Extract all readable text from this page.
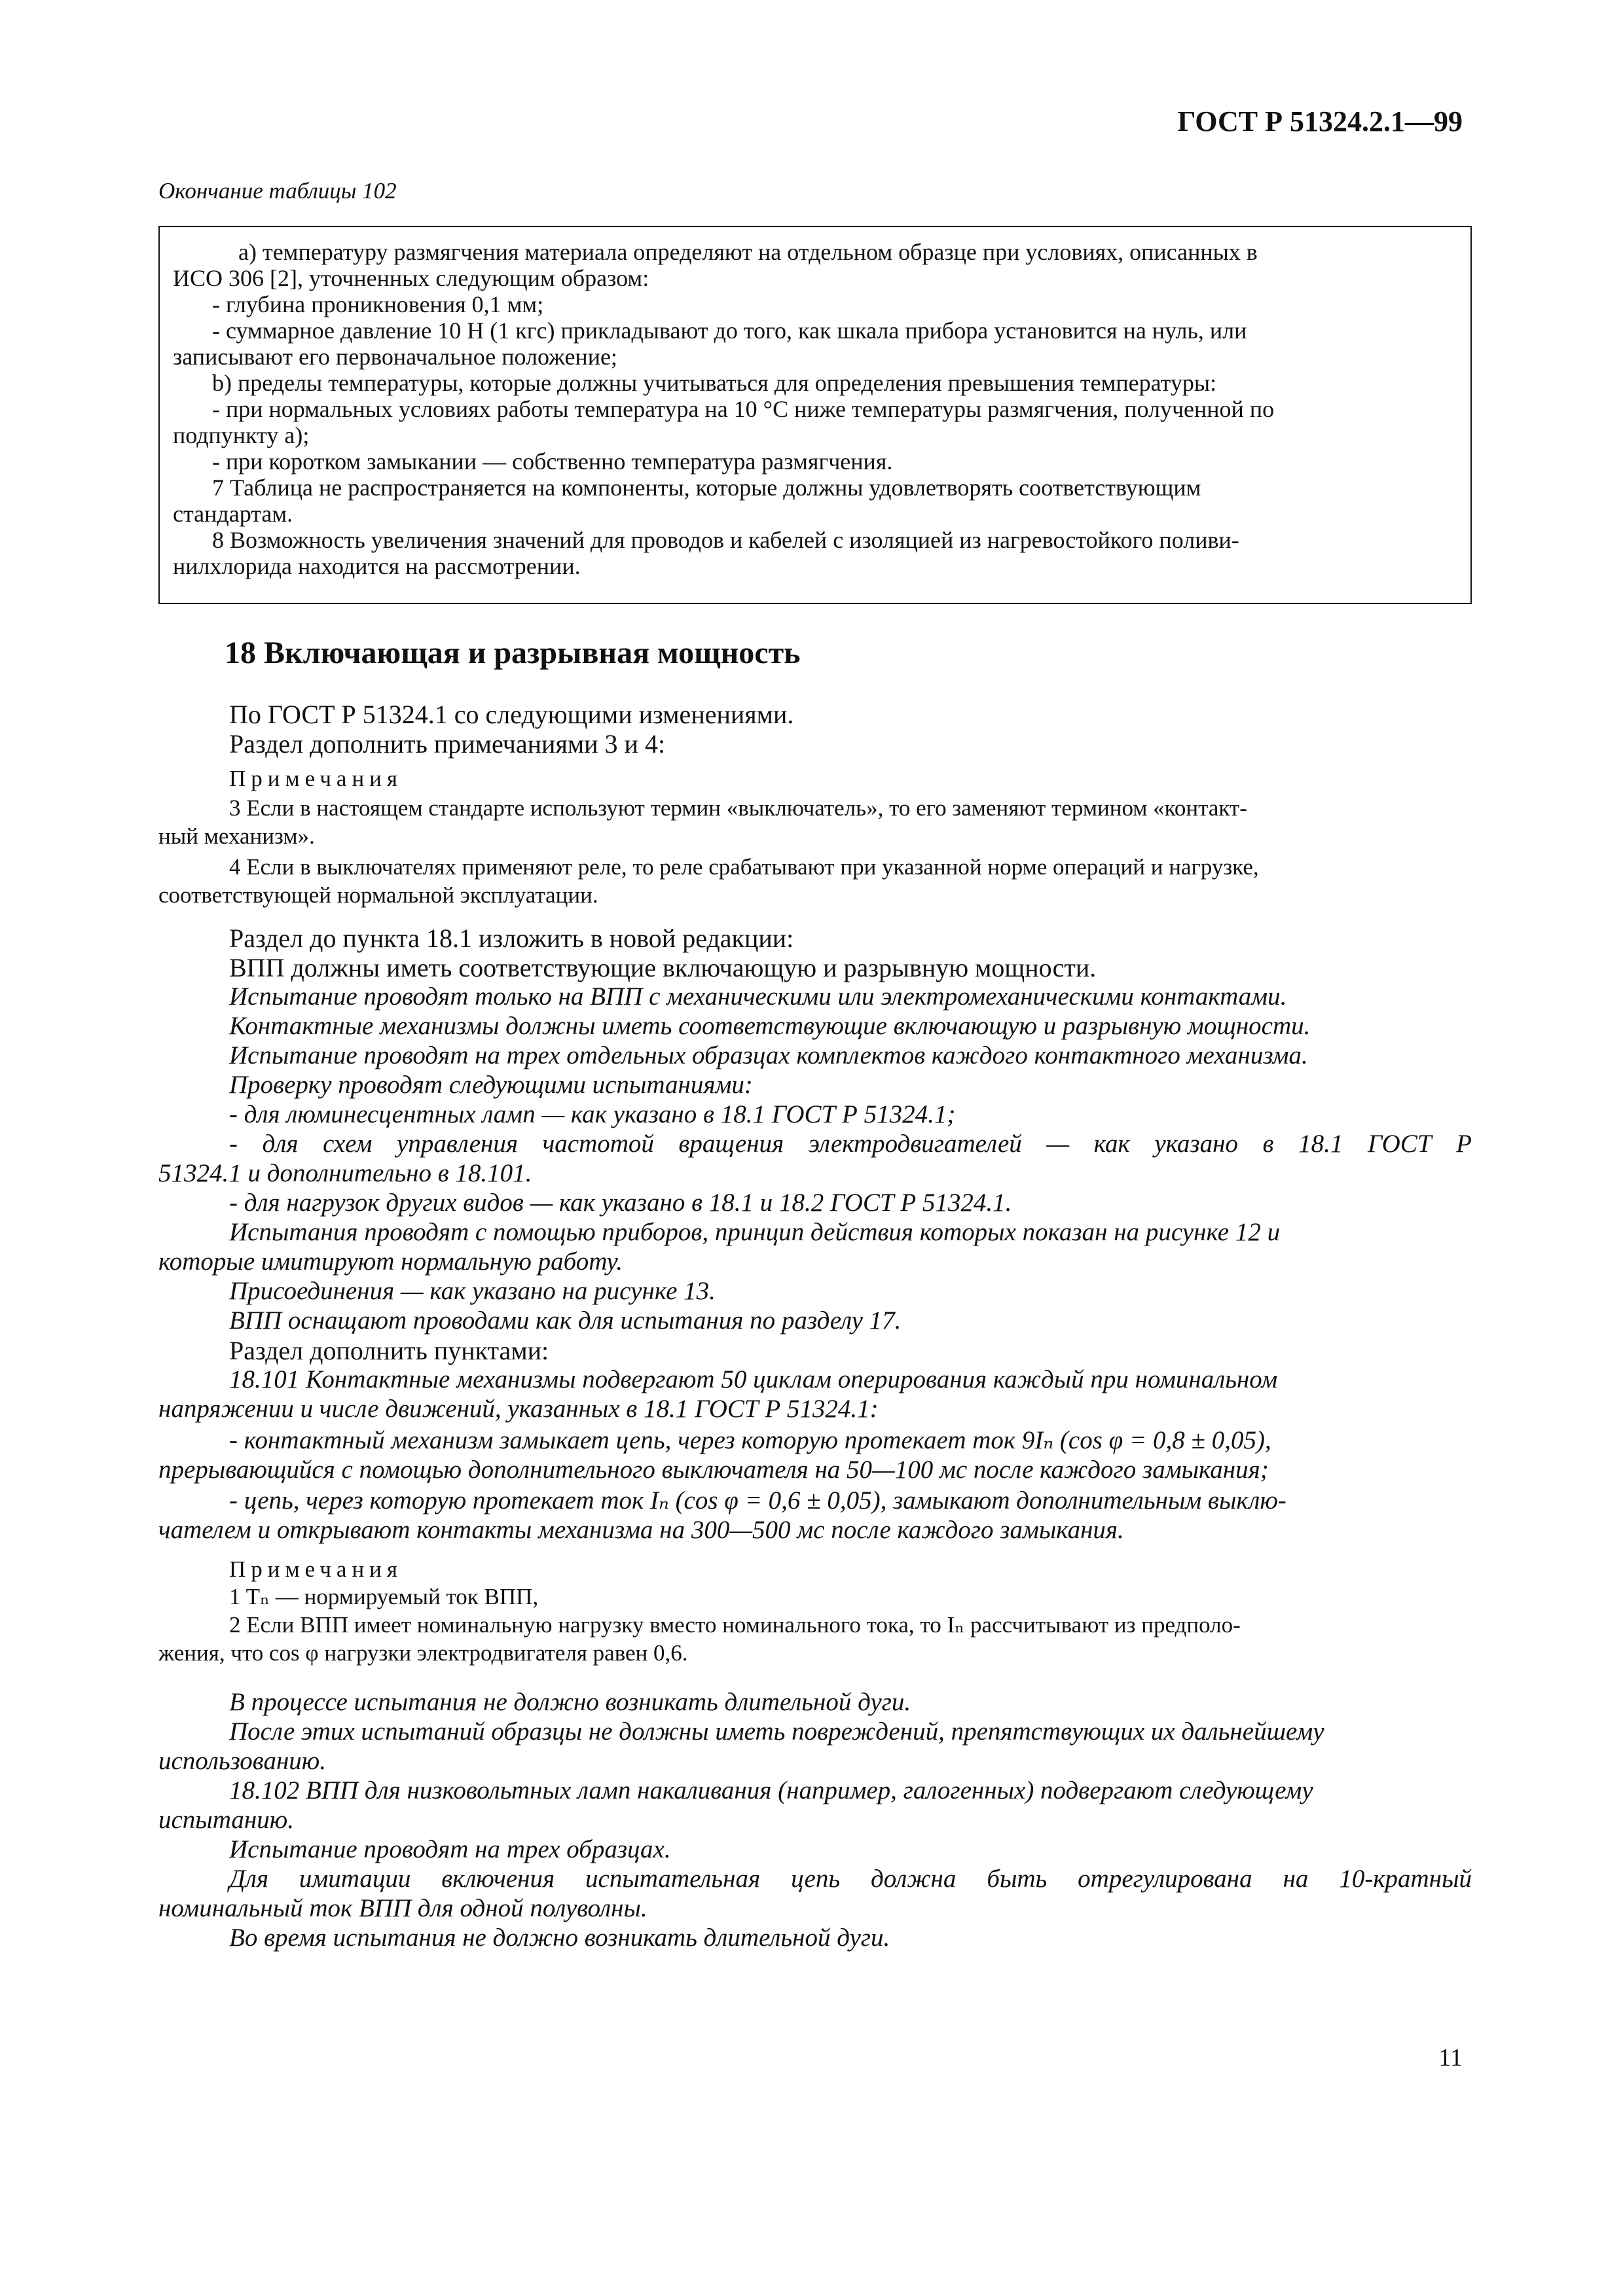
ГОСТ Р 51324.2.1—99
Окончание таблицы 102
а) температуру размягчения материала определяют на отдельном образце при условиях, описанных в
ИСО 306 [2], уточненных следующим образом:
- глубина проникновения 0,1 мм;
- суммарное давление 10 Н (1 кгс) прикладывают до того, как шкала прибора установится на нуль, или
записывают его первоначальное положение;
b) пределы температуры, которые должны учитываться для определения превышения температуры:
- при нормальных условиях работы температура на 10 °С ниже температуры размягчения, полученной по
подпункту а);
- при коротком замыкании — собственно температура размягчения.
7 Таблица не распространяется на компоненты, которые должны удовлетворять соответствующим
стандартам.
8 Возможность увеличения значений для проводов и кабелей с изоляцией из нагревостойкого поливи-
нилхлорида находится на рассмотрении.
18 Включающая и разрывная мощность
По ГОСТ Р 51324.1 со следующими изменениями.
Раздел дополнить примечаниями 3 и 4:
Примечания
3 Если в настоящем стандарте используют термин «выключатель», то его заменяют термином «контакт-
ный механизм».
4 Если в выключателях применяют реле, то реле срабатывают при указанной норме операций и нагрузке,
соответствующей нормальной эксплуатации.
Раздел до пункта 18.1 изложить в новой редакции:
ВПП должны иметь соответствующие включающую и разрывную мощности.
Испытание проводят только на ВПП с механическими или электромеханическими контактами.
Контактные механизмы должны иметь соответствующие включающую и разрывную мощности.
Испытание проводят на трех отдельных образцах комплектов каждого контактного механизма.
Проверку проводят следующими испытаниями:
- для люминесцентных ламп — как указано в 18.1 ГОСТ Р 51324.1;
- для схем управления частотой вращения электродвигателей — как указано в 18.1 ГОСТ Р
51324.1 и дополнительно в 18.101.
- для нагрузок других видов — как указано в 18.1 и 18.2 ГОСТ Р 51324.1.
Испытания проводят с помощью приборов, принцип действия которых показан на рисунке 12 и
которые имитируют нормальную работу.
Присоединения — как указано на рисунке 13.
ВПП оснащают проводами как для испытания по разделу 17.
Раздел дополнить пунктами:
18.101 Контактные механизмы подвергают 50 циклам оперирования каждый при номинальном
напряжении и числе движений, указанных в 18.1 ГОСТ Р 51324.1:
- контактный механизм замыкает цепь, через которую протекает ток 9Iₙ (cos φ = 0,8 ± 0,05),
прерывающийся с помощью дополнительного выключателя на 50—100 мс после каждого замыкания;
- цепь, через которую протекает ток Iₙ (cos φ = 0,6 ± 0,05), замыкают дополнительным выклю-
чателем и открывают контакты механизма на 300—500 мс после каждого замыкания.
Примечания
1 Tₙ — нормируемый ток ВПП,
2 Если ВПП имеет номинальную нагрузку вместо номинального тока, то Iₙ рассчитывают из предполо-
жения, что cos φ нагрузки электродвигателя равен 0,6.
В процессе испытания не должно возникать длительной дуги.
После этих испытаний образцы не должны иметь повреждений, препятствующих их дальнейшему
использованию.
18.102 ВПП для низковольтных ламп накаливания (например, галогенных) подвергают следующему
испытанию.
Испытание проводят на трех образцах.
Для имитации включения испытательная цепь должна быть отрегулирована на 10-кратный
номинальный ток ВПП для одной полуволны.
Во время испытания не должно возникать длительной дуги.
11
